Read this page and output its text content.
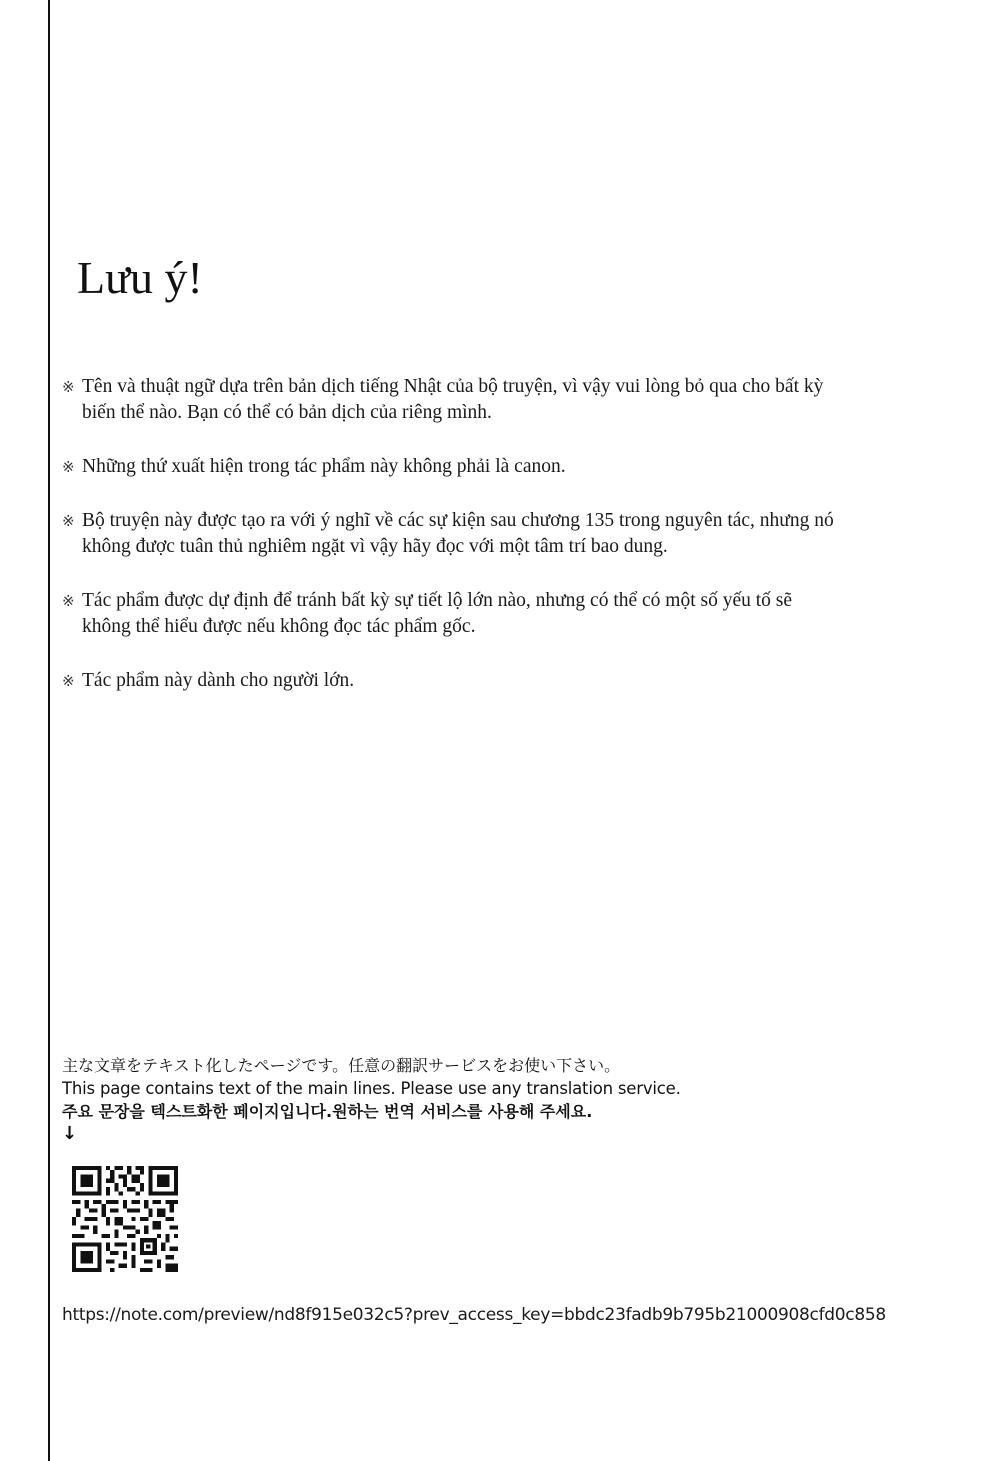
Lưu ý!
※ Tên và thuật ngữ dựa trên bản dịch tiếng Nhật của bộ truyện, vì vậy vui lòng bỏ qua cho bất kỳ
biến thể nào. Bạn có thể có bản dịch của riêng mình.
※ Những thứ xuất hiện trong tác phẩm này không phải là canon.
※ Bộ truyện này được tạo ra với ý nghĩ về các sự kiện sau chương 135 trong nguyên tác, nhưng nó
không được tuân thủ nghiêm ngặt vì vậy hãy đọc với một tâm trí bao dung.
※ Tác phẩm được dự định để tránh bất kỳ sự tiết lộ lớn nào, nhưng có thể có một số yếu tố sẽ
không thể hiểu được nếu không đọc tác phẩm gốc.
※ Tác phẩm này dành cho người lớn.
主な文章をテキスト化したページです。任意の翻訳サービスをお使い下さい。
This page contains text of the main lines. Please use any translation service.
주요 문장을 텍스트화한 페이지입니다.원하는 번역 서비스를 사용해 주세요.
↓
https://note.com/preview/nd8f915e032c5?prev_access_key=bbdc23fadb9b795b21000908cfd0c858
